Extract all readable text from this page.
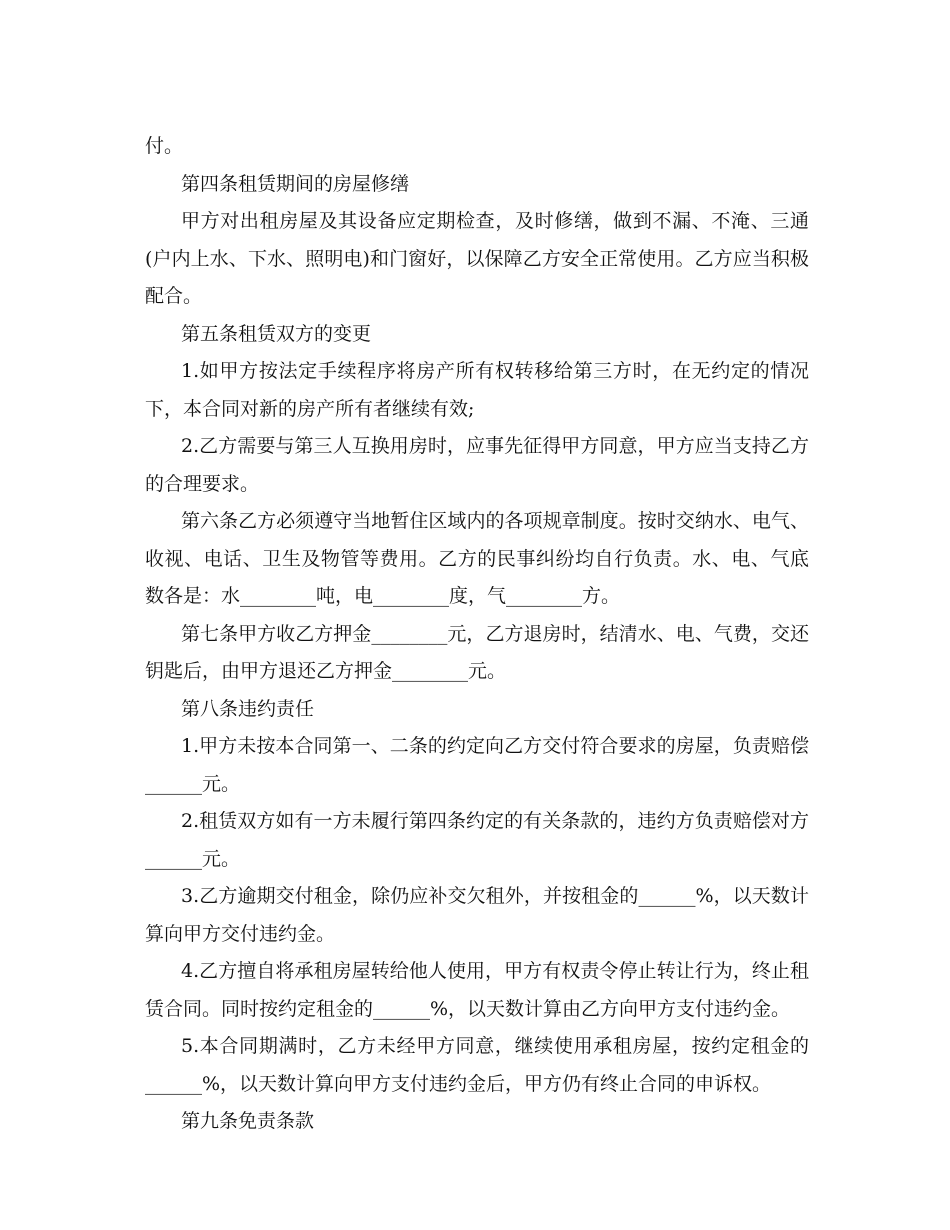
付。

第四条租赁期间的房屋修缮

甲方对出租房屋及其设备应定期检查，及时修缮，做到不漏、不淹、三通(户内上水、下水、照明电)和门窗好，以保障乙方安全正常使用。乙方应当积极配合。

第五条租赁双方的变更

1.如甲方按法定手续程序将房产所有权转移给第三方时，在无约定的情况下，本合同对新的房产所有者继续有效;

2.乙方需要与第三人互换用房时，应事先征得甲方同意，甲方应当支持乙方的合理要求。

第六条乙方必须遵守当地暂住区域内的各项规章制度。按时交纳水、电气、收视、电话、卫生及物管等费用。乙方的民事纠纷均自行负责。水、电、气底数各是：水________吨，电________度，气________方。

第七条甲方收乙方押金________元，乙方退房时，结清水、电、气费，交还钥匙后，由甲方退还乙方押金________元。

第八条违约责任

1.甲方未按本合同第一、二条的约定向乙方交付符合要求的房屋，负责赔偿______元。

2.租赁双方如有一方未履行第四条约定的有关条款的，违约方负责赔偿对方______元。

3.乙方逾期交付租金，除仍应补交欠租外，并按租金的______%，以天数计算向甲方交付违约金。

4.乙方擅自将承租房屋转给他人使用，甲方有权责令停止转让行为，终止租赁合同。同时按约定租金的______%，以天数计算由乙方向甲方支付违约金。

5.本合同期满时，乙方未经甲方同意，继续使用承租房屋，按约定租金的______%，以天数计算向甲方支付违约金后，甲方仍有终止合同的申诉权。

第九条免责条款
